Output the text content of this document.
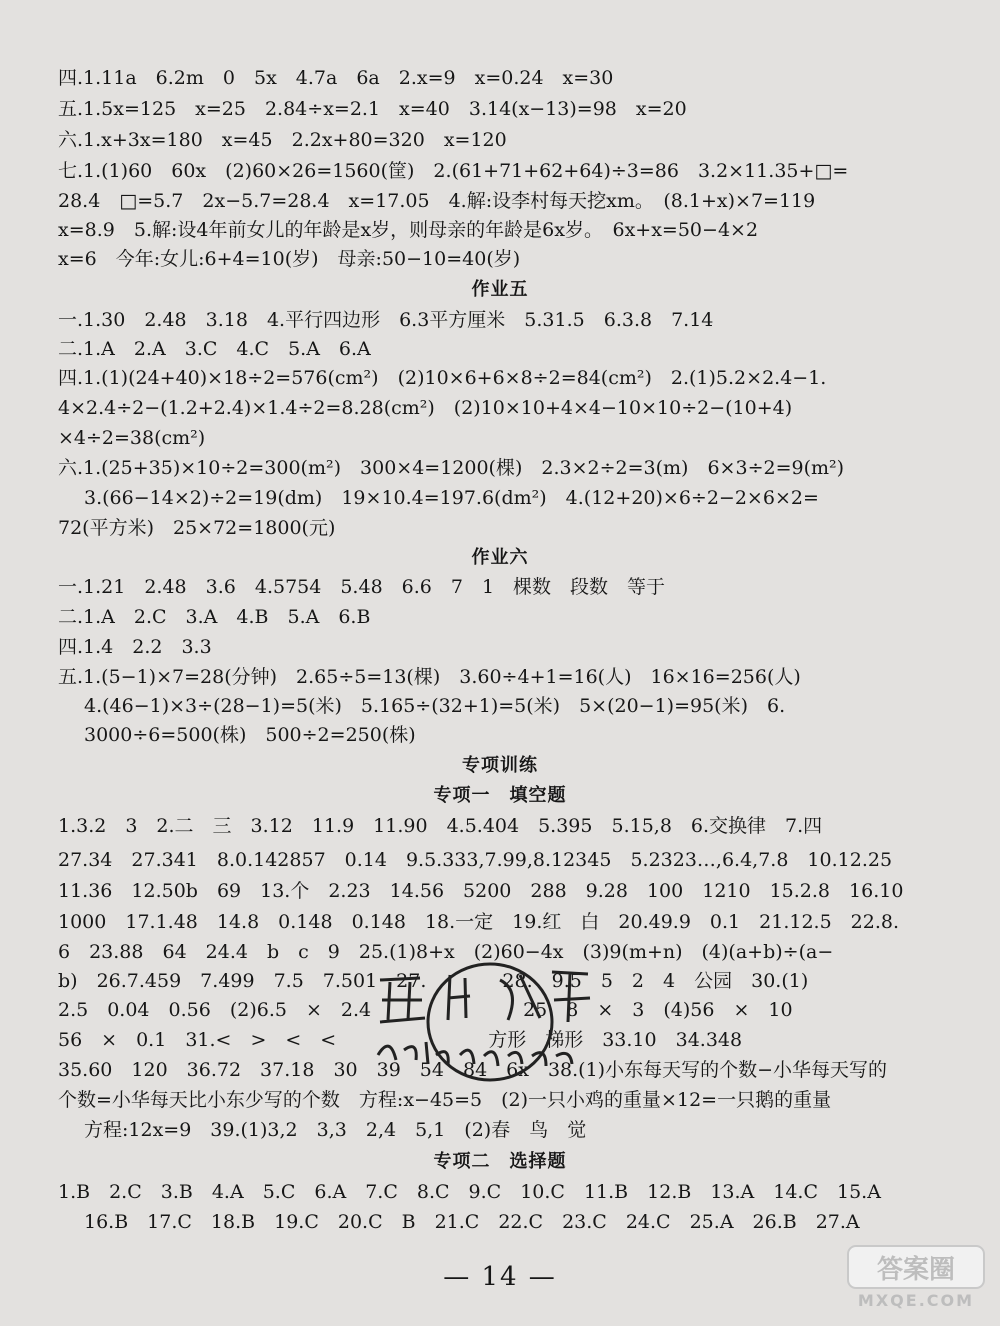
四.1.11a　6.2m　0　5x　4.7a　6a　2.x=9　x=0.24　x=30
五.1.5x=125　x=25　2.84÷x=2.1　x=40　3.14(x−13)=98　x=20
六.1.x+3x=180　x=45　2.2x+80=320　x=120
七.1.(1)60　60x　(2)60×26=1560(筐)　2.(61+71+62+64)÷3=86　3.2×11.35+□=
28.4　□=5.7　2x−5.7=28.4　x=17.05　4.解:设李村每天挖xm。　(8.1+x)×7=119
x=8.9　5.解:设4年前女儿的年龄是x岁，则母亲的年龄是6x岁。　6x+x=50−4×2
x=6　今年:女儿:6+4=10(岁)　母亲:50−10=40(岁)
作业五
一.1.30　2.48　3.18　4.平行四边形　6.3平方厘米　5.31.5　6.3.8　7.14
二.1.A　2.A　3.C　4.C　5.A　6.A
四.1.(1)(24+40)×18÷2=576(cm²)　(2)10×6+6×8÷2=84(cm²)　2.(1)5.2×2.4−1.
4×2.4÷2−(1.2+2.4)×1.4÷2=8.28(cm²)　(2)10×10+4×4−10×10÷2−(10+4)
×4÷2=38(cm²)
六.1.(25+35)×10÷2=300(m²)　300×4=1200(棵)　2.3×2÷2=3(m)　6×3÷2=9(m²)
3.(66−14×2)÷2=19(dm)　19×10.4=197.6(dm²)　4.(12+20)×6÷2−2×6×2=
72(平方米)　25×72=1800(元)
作业六
一.1.21　2.48　3.6　4.5754　5.48　6.6　7　1　棵数　段数　等于
二.1.A　2.C　3.A　4.B　5.A　6.B
四.1.4　2.2　3.3
五.1.(5−1)×7=28(分钟)　2.65÷5=13(棵)　3.60÷4+1=16(人)　16×16=256(人)
4.(46−1)×3÷(28−1)=5(米)　5.165÷(32+1)=5(米)　5×(20−1)=95(米)　6.
3000÷6=500(株)　500÷2=250(株)
专项训练
专项一　填空题
1.3.2　3　2.二　三　3.12　11.9　11.90　4.5.404　5.395　5.15,8　6.交换律　7.四
27.34　27.341　8.0.142857　0.14　9.5.333,7.99,8.12345　5.2323…,6.4,7.8　10.12.25
11.36　12.50b　69　13.个　2.23　14.56　5200　288　9.28　100　1210　15.2.8　16.10
1000　17.1.48　14.8　0.148　0.148　18.一定　19.红　白　20.49.9　0.1　21.12.5　22.8.
6　23.88　64　24.4　b　c　9　25.(1)8+x　(2)60−4x　(3)9(m+n)　(4)(a+b)÷(a−
b)　26.7.459　7.499　7.5　7.501　27.　　　　28.　9.5　5　2　4　公园　30.(1)
2.5　0.04　0.56　(2)6.5　×　2.4　　　　　　　　25　8　×　3　(4)56　×　10
56　×　0.1　31.<　>　<　<　　　　　　　　方形　梯形　33.10　34.348
35.60　120　36.72　37.18　30　39　54　84　6x　38.(1)小东每天写的个数−小华每天写的
个数=小华每天比小东少写的个数　方程:x−45=5　(2)一只小鸡的重量×12=一只鹅的重量
方程:12x=9　39.(1)3,2　3,3　2,4　5,1　(2)春　鸟　觉
专项二　选择题
1.B　2.C　3.B　4.A　5.C　6.A　7.C　8.C　9.C　10.C　11.B　12.B　13.A　14.C　15.A
16.B　17.C　18.B　19.C　20.C　B　21.C　22.C　23.C　24.C　25.A　26.B　27.A
— 14 —	答案圈
MXQE.COM
